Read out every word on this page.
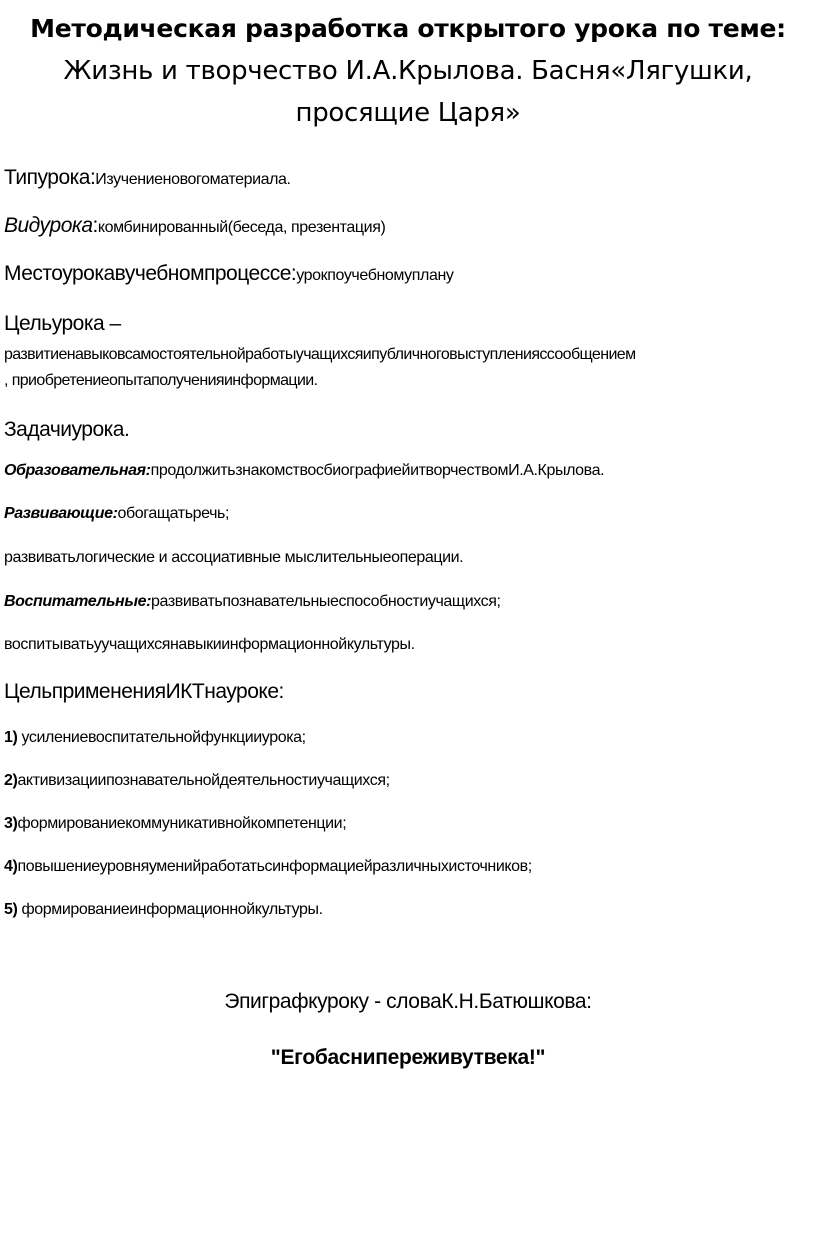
Методическая разработка открытого урока по теме:
Жизнь и творчество И.А.Крылова. Басня«Лягушки,
просящие Царя»

Типурока:Изучениеновогоматериала.

Видурока:комбинированный(беседа, презентация)

Местоурокавучебномпроцессе:урокпоучебномуплану

Цельурока –

развитиенавыковсамостоятельнойработыучащихсяипубличноговыступленияссообщением

, приобретениеопытаполученияинформации.

Задачиурока.

Образовательная:продолжитьзнакомствосбиографиейитворчествомИ.А.Крылова.

Развивающие:обогащатьречь;

развиватьлогические и ассоциативные мыслительныеоперации.

Воспитательные:развиватьпознавательныеспособностиучащихся;

воспитыватьуучащихсянавыкиинформационнойкультуры.

ЦельпримененияИКТнауроке:

1) усилениевоспитательнойфункцииурока;

2)активизациипознавательнойдеятельностиучащихся;

3)формированиекоммуникативнойкомпетенции;

4)повышениеуровняуменийработатьсинформациейразличныхисточников;

5) формированиеинформационнойкультуры.

Эпиграфкуроку - словаК.Н.Батюшкова:

"Егобаснипереживутвека!"
